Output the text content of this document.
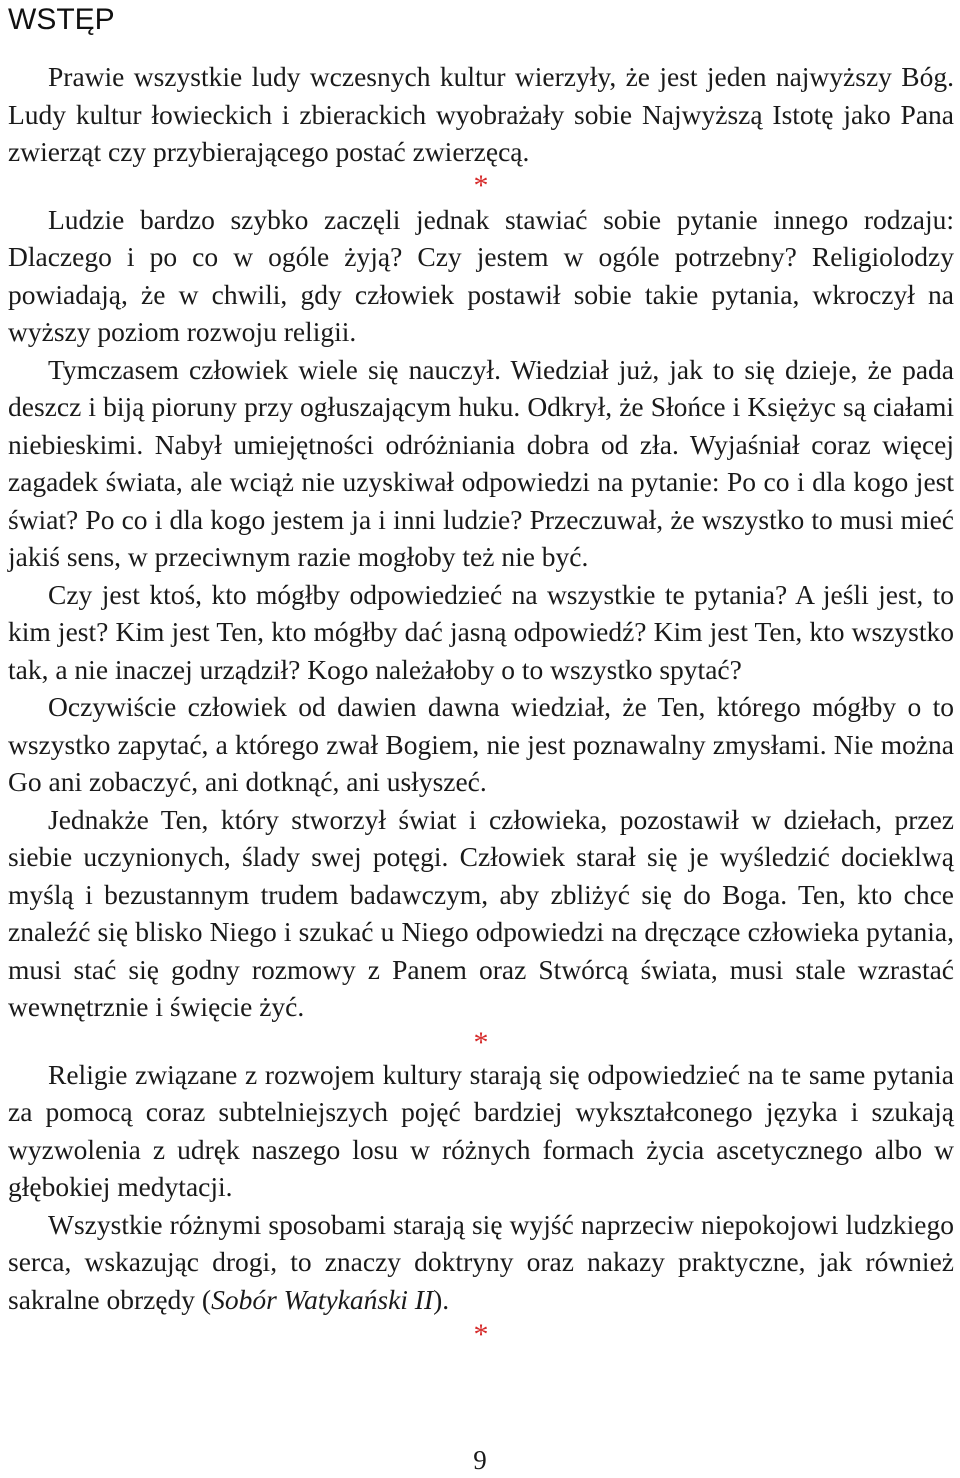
WSTĘP

Prawie wszystkie ludy wczesnych kultur wierzyły, że jest jeden najwyższy Bóg. Ludy kultur łowieckich i zbierackich wyobrażały sobie Najwyższą Istotę jako Pana zwierząt czy przybierającego postać zwierzęcą.

*

Ludzie bardzo szybko zaczęli jednak stawiać sobie pytanie innego rodzaju: Dlaczego i po co w ogóle żyją? Czy jestem w ogóle potrzebny? Religiolodzy powiadają, że w chwili, gdy człowiek postawił sobie takie pytania, wkroczył na wyższy poziom rozwoju religii.

Tymczasem człowiek wiele się nauczył. Wiedział już, jak to się dzieje, że pada deszcz i biją pioruny przy ogłuszającym huku. Odkrył, że Słońce i Księżyc są ciałami niebieskimi. Nabył umiejętności odróżniania dobra od zła. Wyjaśniał coraz więcej zagadek świata, ale wciąż nie uzyskiwał odpowiedzi na pytanie: Po co i dla kogo jest świat? Po co i dla kogo jestem ja i inni ludzie? Przeczuwał, że wszystko to musi mieć jakiś sens, w przeciwnym razie mogłoby też nie być.

Czy jest ktoś, kto mógłby odpowiedzieć na wszystkie te pytania? A jeśli jest, to kim jest? Kim jest Ten, kto mógłby dać jasną odpowiedź? Kim jest Ten, kto wszystko tak, a nie inaczej urządził? Kogo należałoby o to wszystko spytać?

Oczywiście człowiek od dawien dawna wiedział, że Ten, którego mógłby o to wszystko zapytać, a którego zwał Bogiem, nie jest poznawalny zmysłami. Nie można Go ani zobaczyć, ani dotknąć, ani usłyszeć.

Jednakże Ten, który stworzył świat i człowieka, pozostawił w dziełach, przez siebie uczynionych, ślady swej potęgi. Człowiek starał się je wyśledzić docieklwą myślą i bezustannym trudem badawczym, aby zbliżyć się do Boga. Ten, kto chce znaleźć się blisko Niego i szukać u Niego odpowiedzi na dręczące człowieka pytania, musi stać się godny rozmowy z Panem oraz Stwórcą świata, musi stale wzrastać wewnętrznie i święcie żyć.

*

Religie związane z rozwojem kultury starają się odpowiedzieć na te same pytania za pomocą coraz subtelniejszych pojęć bardziej wykształconego języka i szukają wyzwolenia z udręk naszego losu w różnych formach życia ascetycznego albo w głębokiej medytacji.

Wszystkie różnymi sposobami starają się wyjść naprzeciw niepokojowi ludzkiego serca, wskazując drogi, to znaczy doktryny oraz nakazy praktyczne, jak również sakralne obrzędy (Sobór Watykański II).

*
9
